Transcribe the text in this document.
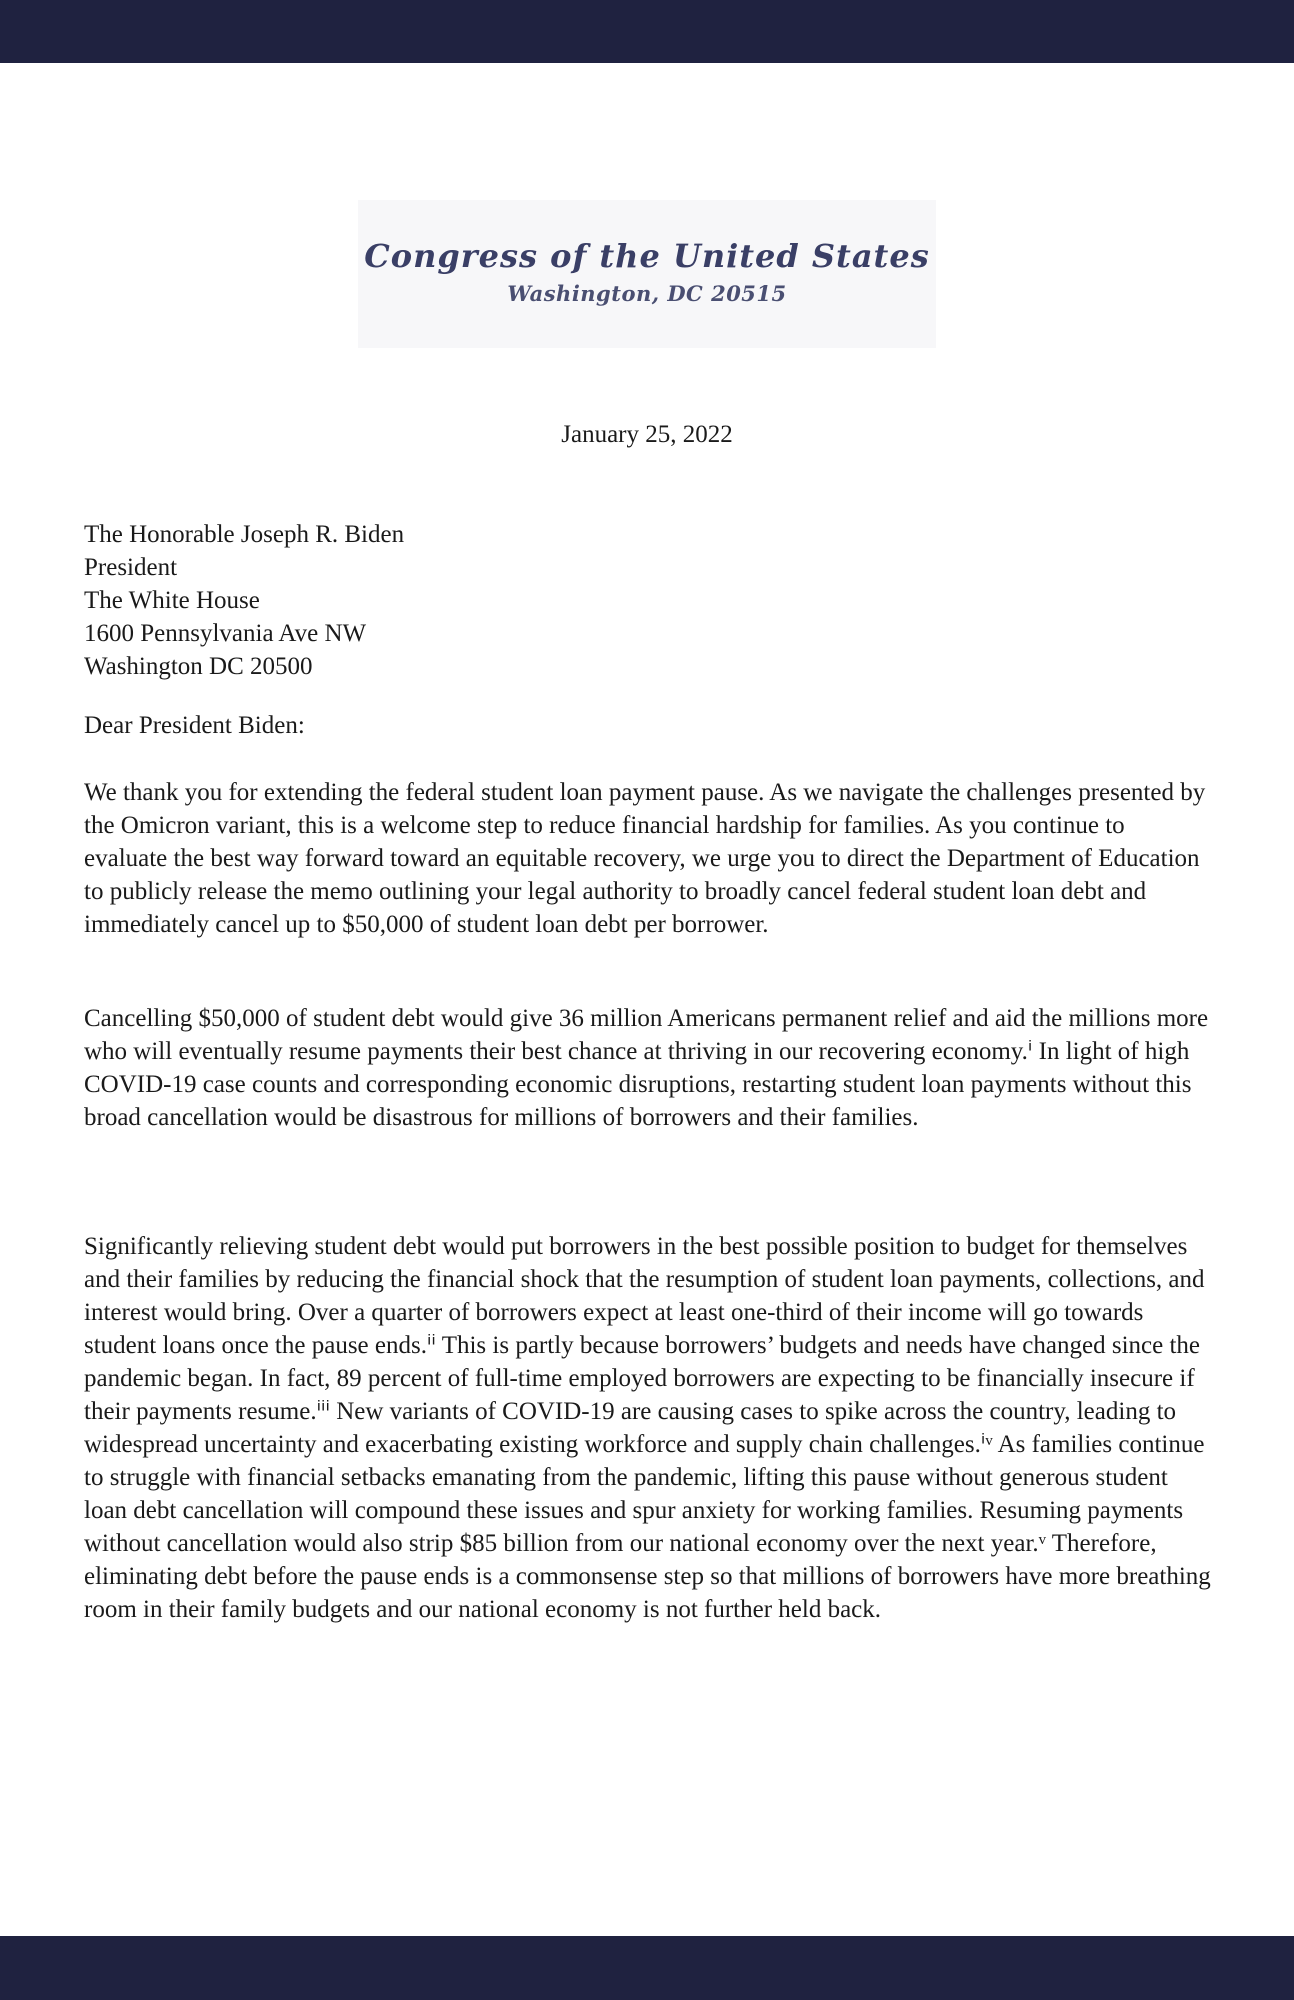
Congress of the United States
Washington, DC 20515
January 25, 2022
The Honorable Joseph R. Biden
President
The White House
1600 Pennsylvania Ave NW
Washington DC 20500
Dear President Biden:
We thank you for extending the federal student loan payment pause. As we navigate the challenges presented by the Omicron variant, this is a welcome step to reduce financial hardship for families. As you continue to evaluate the best way forward toward an equitable recovery, we urge you to direct the Department of Education to publicly release the memo outlining your legal authority to broadly cancel federal student loan debt and immediately cancel up to $50,000 of student loan debt per borrower.
Cancelling $50,000 of student debt would give 36 million Americans permanent relief and aid the millions more who will eventually resume payments their best chance at thriving in our recovering economy.ⁱ In light of high COVID-19 case counts and corresponding economic disruptions, restarting student loan payments without this broad cancellation would be disastrous for millions of borrowers and their families.
Significantly relieving student debt would put borrowers in the best possible position to budget for themselves and their families by reducing the financial shock that the resumption of student loan payments, collections, and interest would bring. Over a quarter of borrowers expect at least one-third of their income will go towards student loans once the pause ends.ⁱⁱ This is partly because borrowers’ budgets and needs have changed since the pandemic began. In fact, 89 percent of full-time employed borrowers are expecting to be financially insecure if their payments resume.ⁱⁱⁱ New variants of COVID-19 are causing cases to spike across the country, leading to widespread uncertainty and exacerbating existing workforce and supply chain challenges.ⁱᵛ As families continue to struggle with financial setbacks emanating from the pandemic, lifting this pause without generous student loan debt cancellation will compound these issues and spur anxiety for working families. Resuming payments without cancellation would also strip $85 billion from our national economy over the next year.ᵛ Therefore, eliminating debt before the pause ends is a commonsense step so that millions of borrowers have more breathing room in their family budgets and our national economy is not further held back.
